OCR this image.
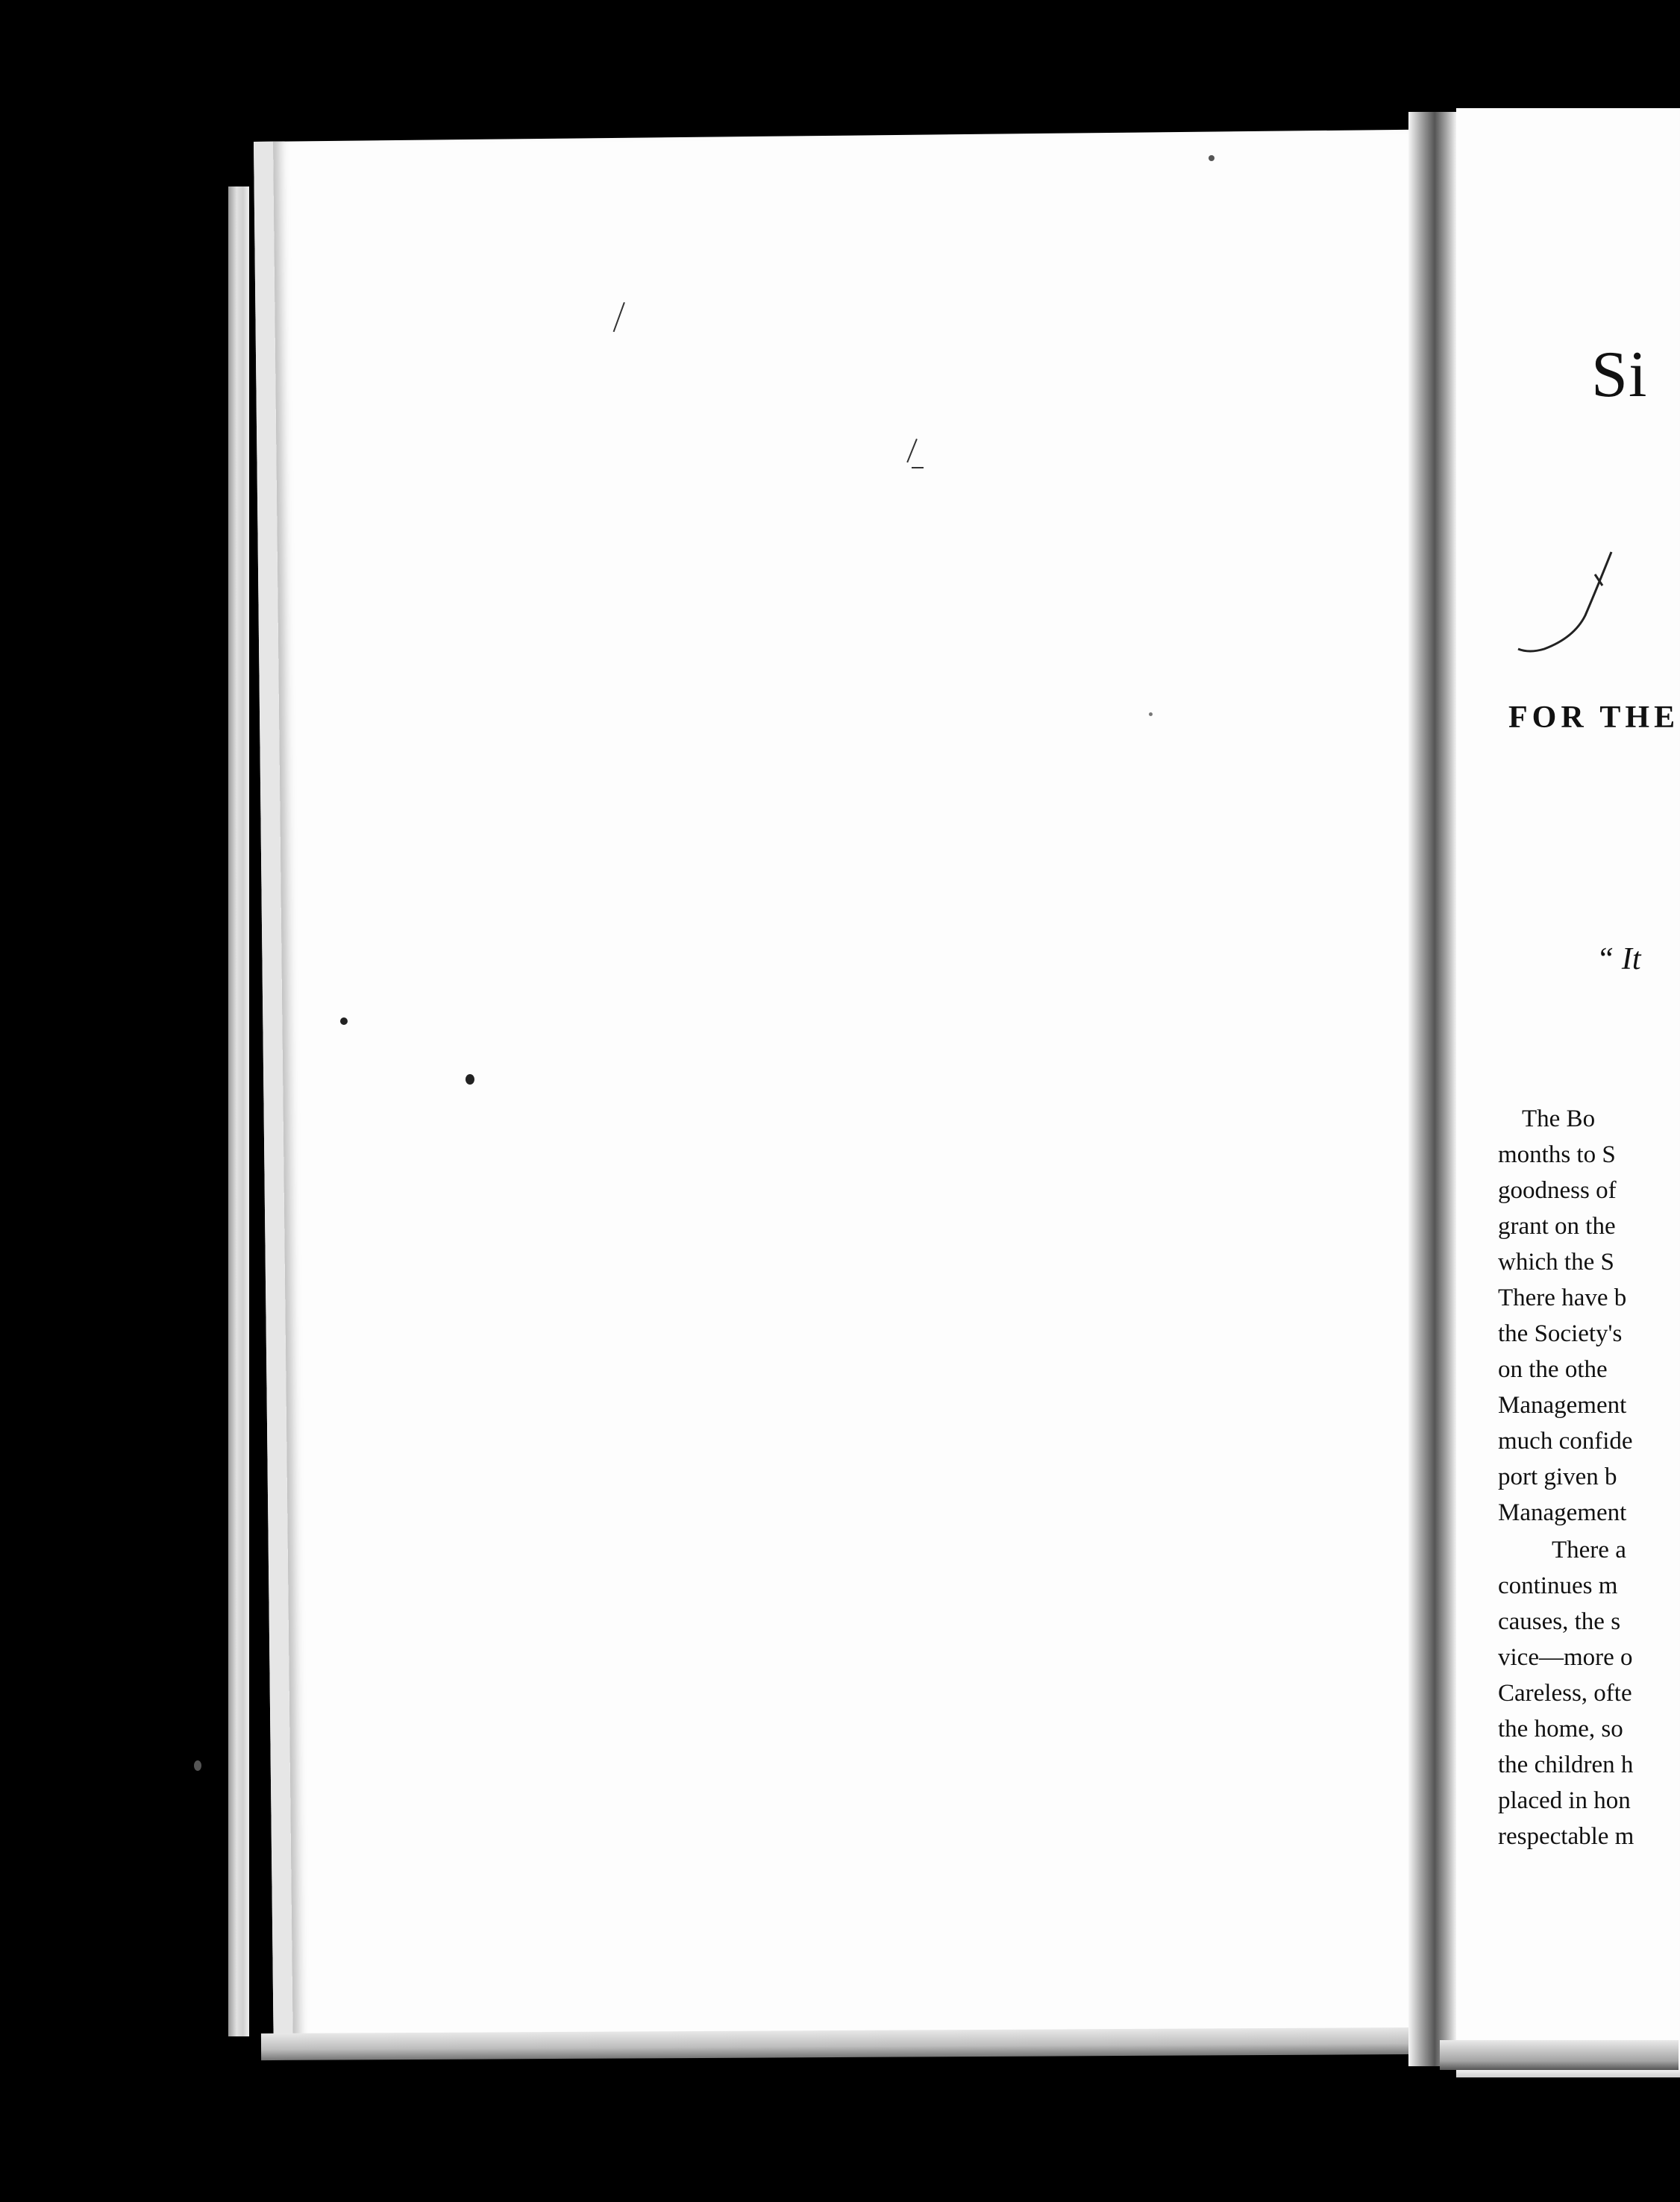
Si
FOR THE
“ It
The Bo
months to S
goodness of
grant on the
which the S
There have b
the Society's
on the othe
Management
much confide
port given b
Management
There a
continues m
causes, the s
vice—more o
Careless, ofte
the home, so
the children h
placed in hon
respectable m
